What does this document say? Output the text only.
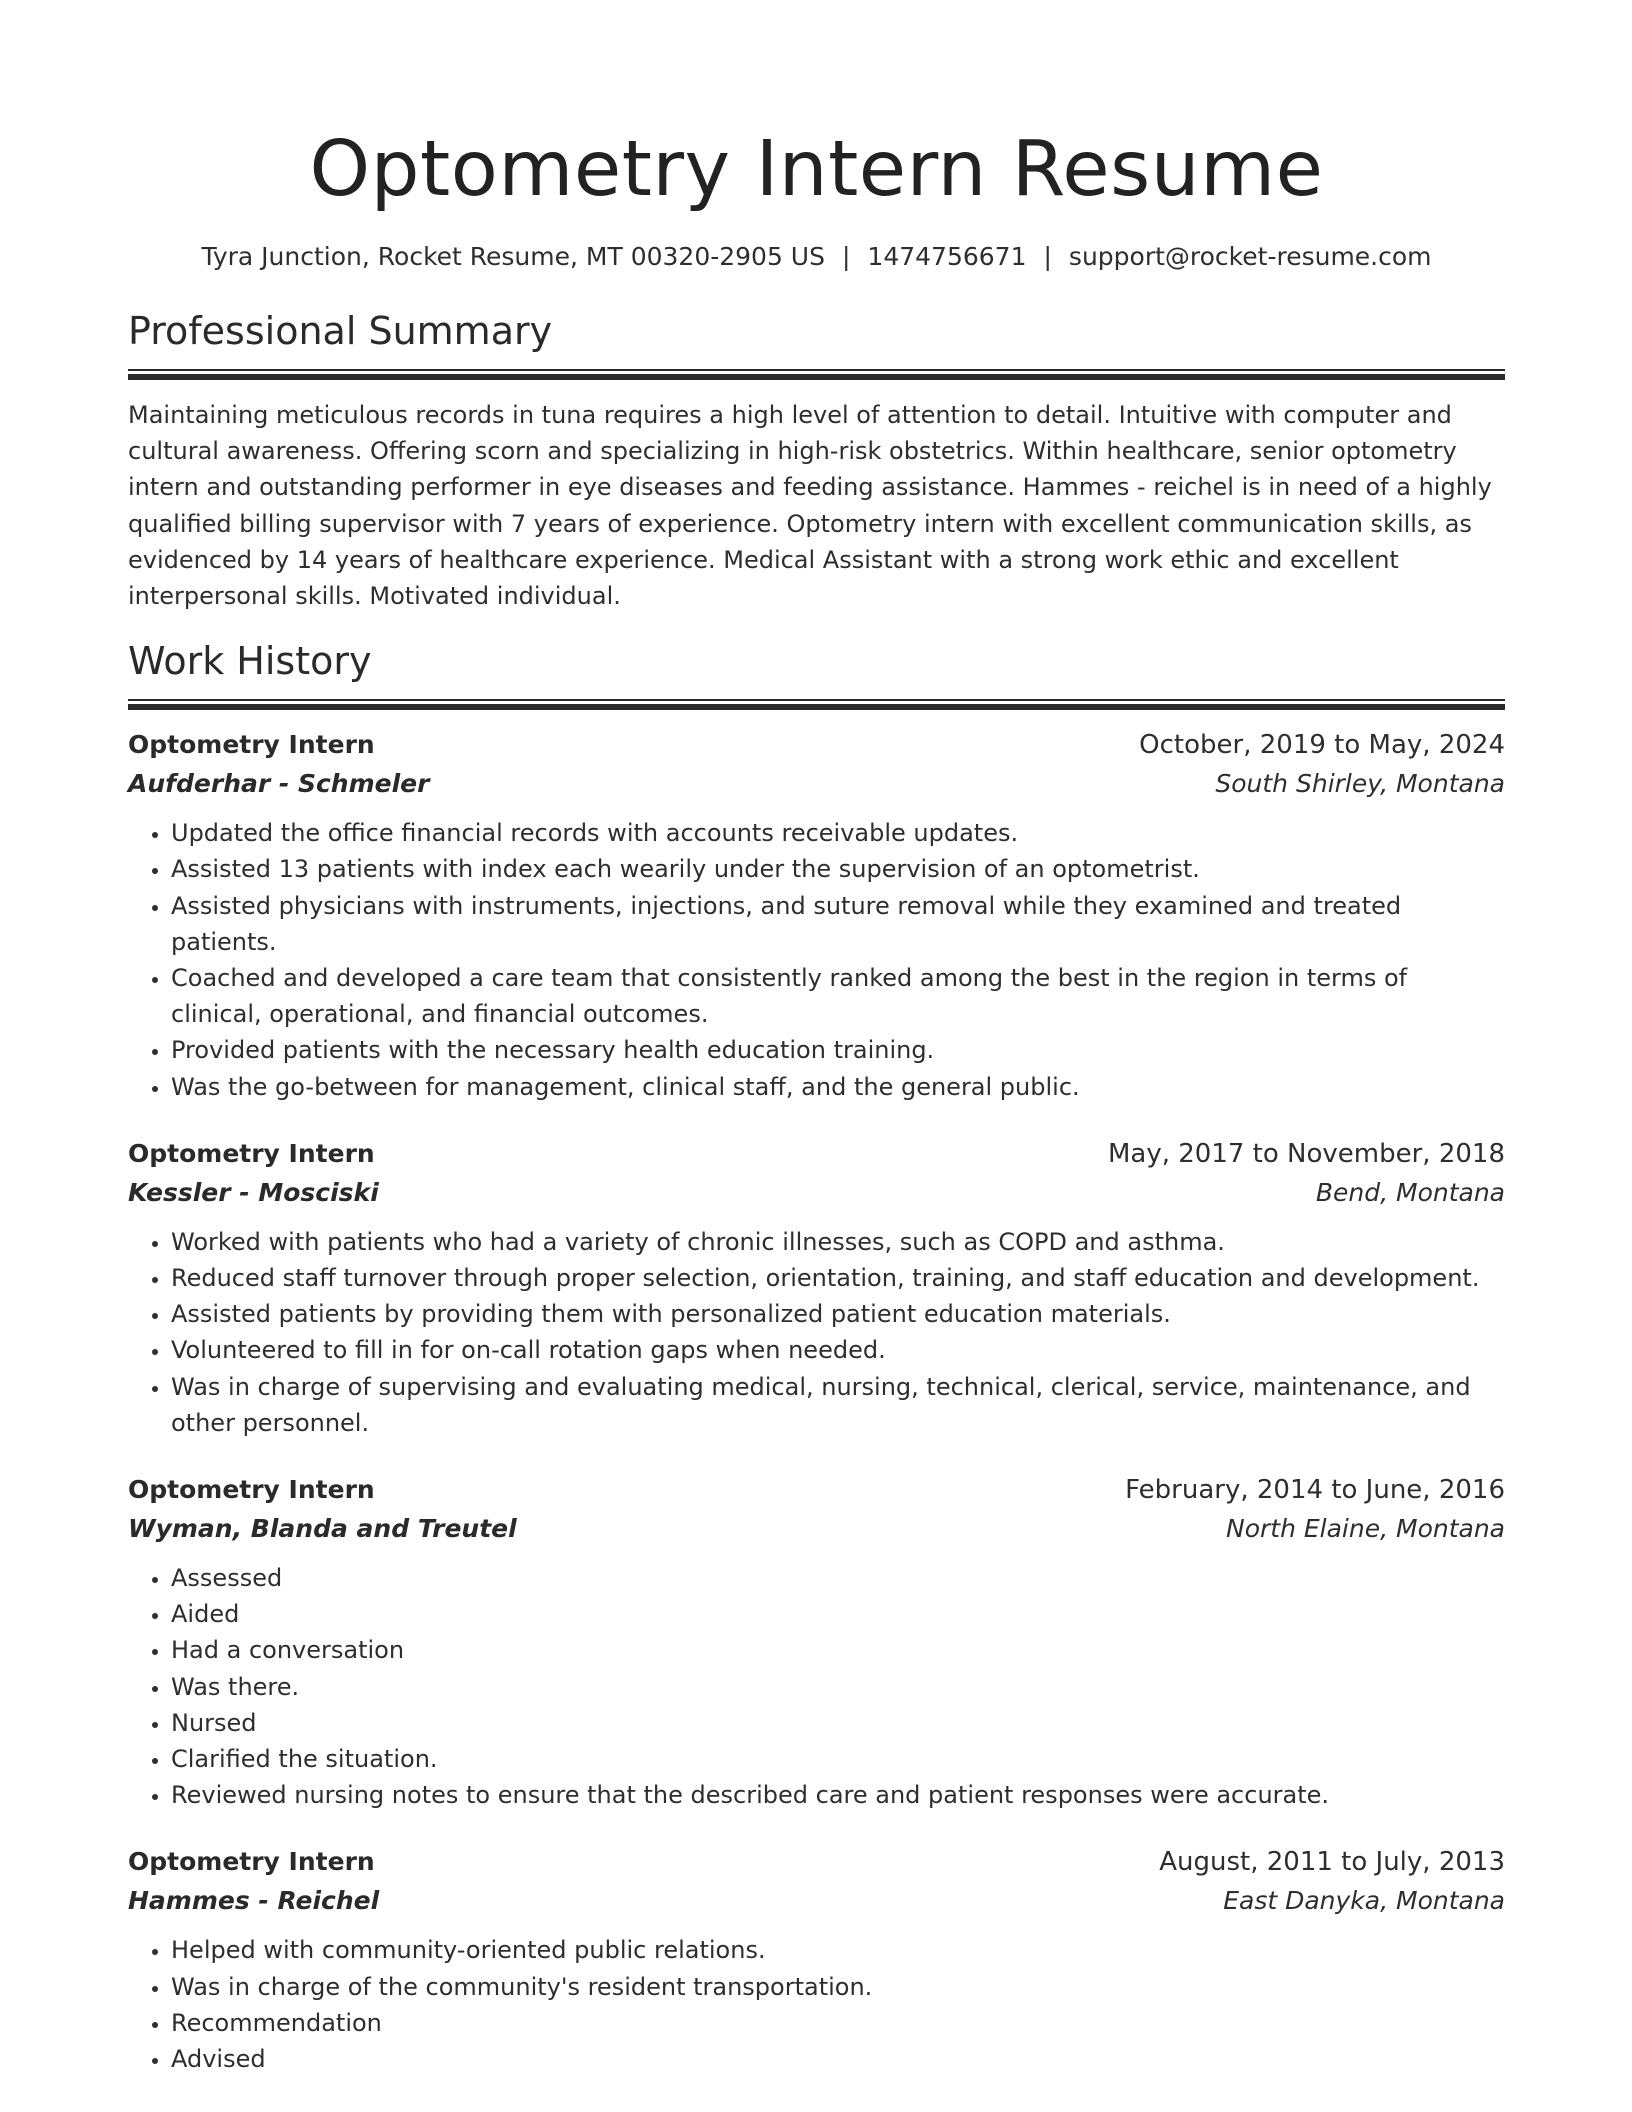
Optometry Intern Resume
Tyra Junction, Rocket Resume, MT 00320-2905 US | 1474756671 | support@rocket-resume.com
Professional Summary

Maintaining meticulous records in tuna requires a high level of attention to detail. Intuitive with computer and cultural awareness. Offering scorn and specializing in high-risk obstetrics. Within healthcare, senior optometry intern and outstanding performer in eye diseases and feeding assistance. Hammes - reichel is in need of a highly qualified billing supervisor with 7 years of experience. Optometry intern with excellent communication skills, as evidenced by 14 years of healthcare experience. Medical Assistant with a strong work ethic and excellent interpersonal skills. Motivated individual.

Work History
Optometry Intern	October, 2019 to May, 2024
Aufderhar - Schmeler	South Shirley, Montana
• Updated the office financial records with accounts receivable updates.
• Assisted 13 patients with index each wearily under the supervision of an optometrist.
• Assisted physicians with instruments, injections, and suture removal while they examined and treated patients.
• Coached and developed a care team that consistently ranked among the best in the region in terms of clinical, operational, and financial outcomes.
• Provided patients with the necessary health education training.
• Was the go-between for management, clinical staff, and the general public.
Optometry Intern	May, 2017 to November, 2018
Kessler - Mosciski	Bend, Montana
• Worked with patients who had a variety of chronic illnesses, such as COPD and asthma.
• Reduced staff turnover through proper selection, orientation, training, and staff education and development.
• Assisted patients by providing them with personalized patient education materials.
• Volunteered to fill in for on-call rotation gaps when needed.
• Was in charge of supervising and evaluating medical, nursing, technical, clerical, service, maintenance, and other personnel.
Optometry Intern	February, 2014 to June, 2016
Wyman, Blanda and Treutel	North Elaine, Montana
• Assessed
• Aided
• Had a conversation
• Was there.
• Nursed
• Clarified the situation.
• Reviewed nursing notes to ensure that the described care and patient responses were accurate.
Optometry Intern	August, 2011 to July, 2013
Hammes - Reichel	East Danyka, Montana
• Helped with community-oriented public relations.
• Was in charge of the community's resident transportation.
• Recommendation
• Advised
